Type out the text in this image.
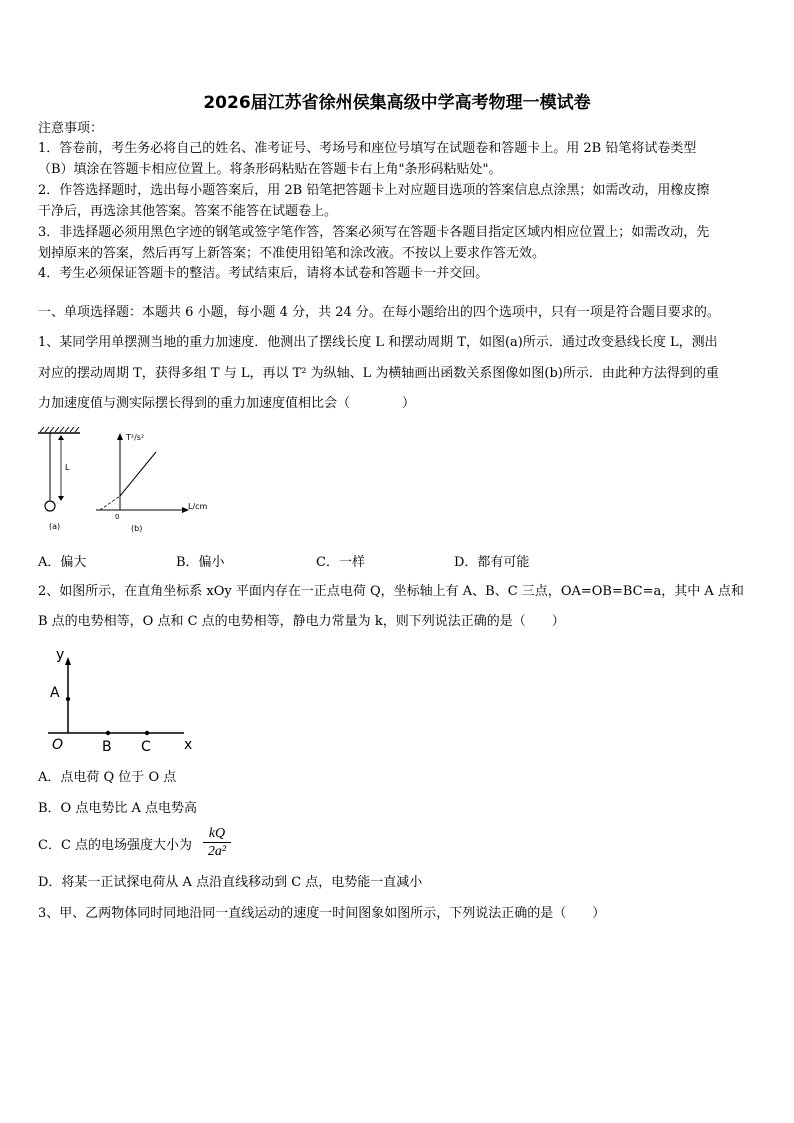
2026届江苏省徐州侯集高级中学高考物理一模试卷
注意事项：
1．答卷前，考生务必将自己的姓名、准考证号、考场号和座位号填写在试题卷和答题卡上。用 2B 铅笔将试卷类型
（B）填涂在答题卡相应位置上。将条形码粘贴在答题卡右上角"条形码粘贴处"。
2．作答选择题时，选出每小题答案后，用 2B 铅笔把答题卡上对应题目选项的答案信息点涂黑；如需改动，用橡皮擦
干净后，再选涂其他答案。答案不能答在试题卷上。
3．非选择题必须用黑色字迹的钢笔或签字笔作答，答案必须写在答题卡各题目指定区域内相应位置上；如需改动，先
划掉原来的答案，然后再写上新答案；不准使用铅笔和涂改液。不按以上要求作答无效。
4．考生必须保证答题卡的整洁。考试结束后，请将本试卷和答题卡一并交回。
一、单项选择题：本题共 6 小题，每小题 4 分，共 24 分。在每小题给出的四个选项中，只有一项是符合题目要求的。
1、某同学用单摆测当地的重力加速度．他测出了摆线长度 L 和摆动周期 T，如图(a)所示．通过改变悬线长度 L，测出
对应的摆动周期 T，获得多组 T 与 L，再以 T² 为纵轴、L 为横轴画出函数关系图像如图(b)所示．由此种方法得到的重
力加速度值与测实际摆长得到的重力加速度值相比会（　　　　）
L
(a)
T²/s²
L/cm
0
(b)
A．偏大	B．偏小	C．一样	D．都有可能
2、如图所示，在直角坐标系 xOy 平面内存在一正点电荷 Q，坐标轴上有 A、B、C 三点，OA=OB=BC=a，其中 A 点和
B 点的电势相等，O 点和 C 点的电势相等，静电力常量为 k，则下列说法正确的是（　　）
y
A
O	B C x
A．点电荷 Q 位于 O 点
B．O 点电势比 A 点电势高
C．C 点的电场强度大小为
kQ
2a²
D．将某一正试探电荷从 A 点沿直线移动到 C 点，电势能一直减小
3、甲、乙两物体同时同地沿同一直线运动的速度一时间图象如图所示，下列说法正确的是（　　）
